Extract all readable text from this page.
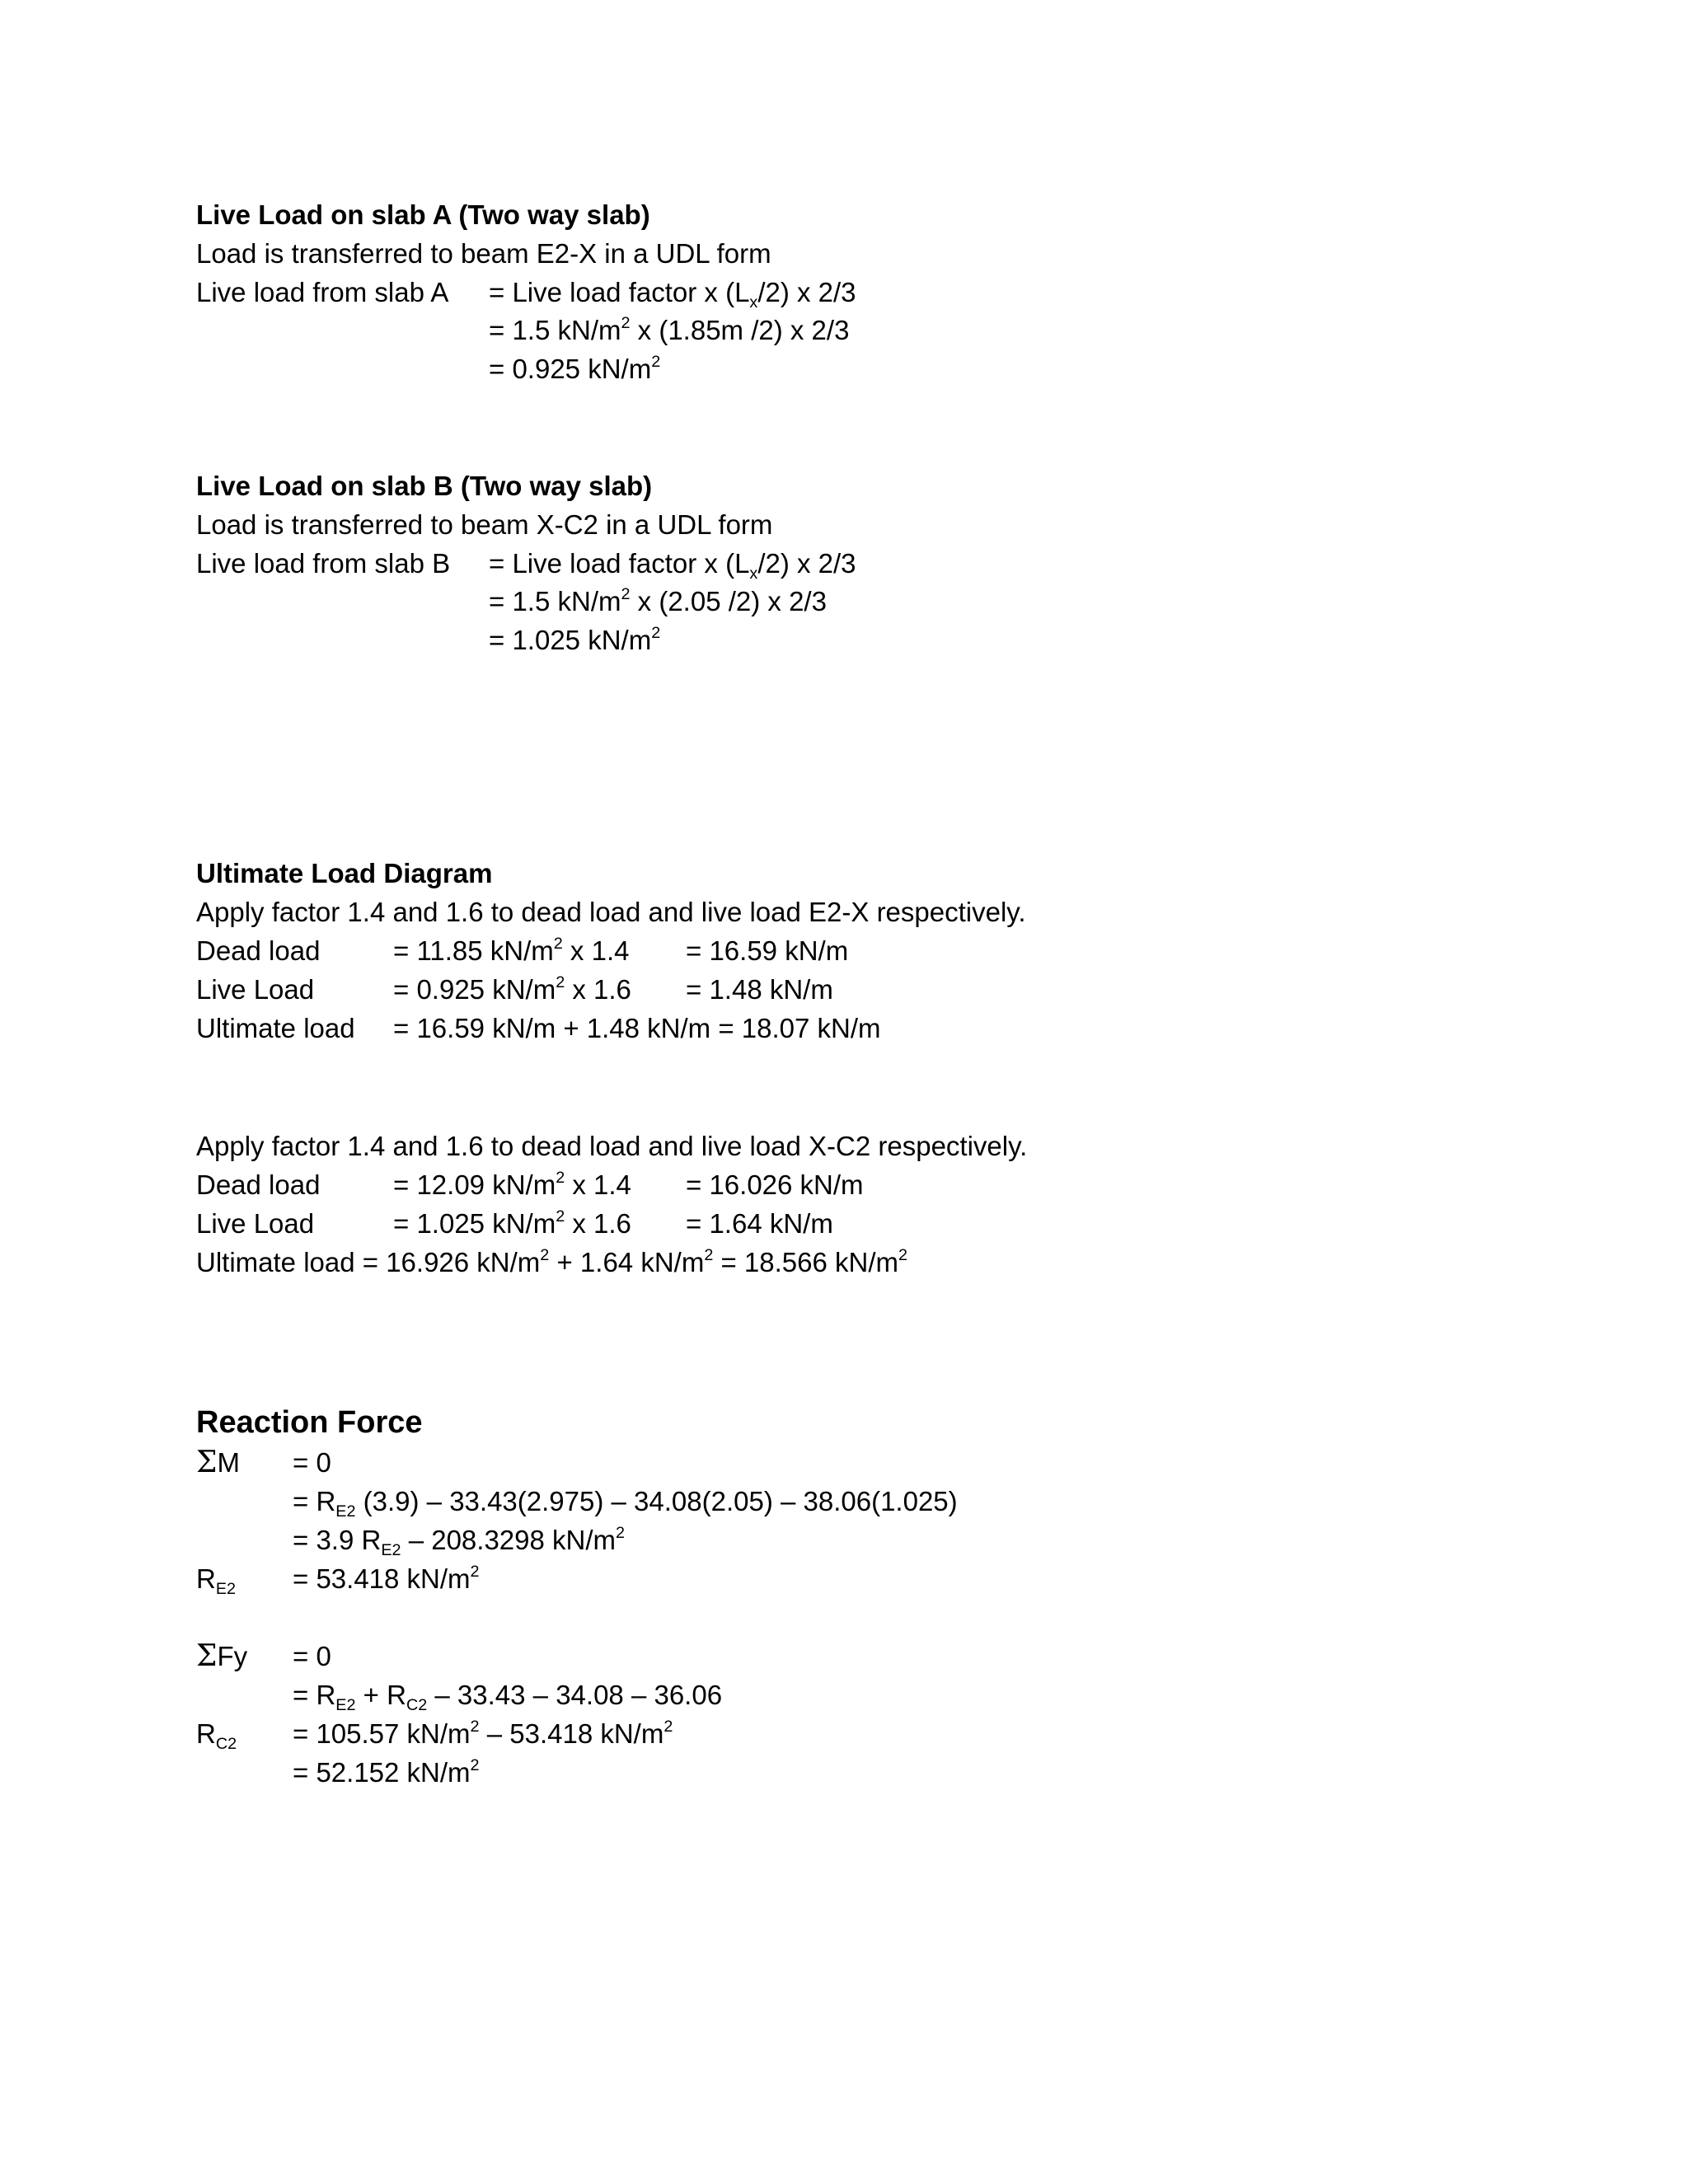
Live Load on slab A (Two way slab)
Load is transferred to beam E2-X in a UDL form
Live load from slab A = Live load factor x $(L_x/2)$ x 2/3
= 1.5 $kN/m^2$ x (1.85m /2) x 2/3
= 0.925 $kN/m^2$
Live Load on slab B (Two way slab)
Load is transferred to beam X-C2 in a UDL form
Live load from slab B = Live load factor x $(L_x/2)$ x 2/3
= 1.5 $kN/m^2$ x (2.05 /2) x 2/3
= 1.025 $kN/m^2$
Ultimate Load Diagram
Apply factor 1.4 and 1.6 to dead load and live load E2-X respectively.
Dead load	= 11.85 $kN/m^2$ x 1.4 = 16.59 kN/m
Live Load	= 0.925 $kN/m^2$ x 1.6 = 1.48 kN/m
Ultimate load = 16.59 kN/m + 1.48 kN/m = 18.07 kN/m
Apply factor 1.4 and 1.6 to dead load and live load X-C2 respectively.
Dead load	= 12.09 $kN/m^2$ x 1.4 = 16.026 kN/m
Live Load	= 1.025 $kN/m^2$ x 1.6 = 1.64 kN/m
Ultimate load = 16.926 $kN/m^2 + 1.64$ $kN/m^2 = 18.566$ $kN/m^2$
Reaction Force
ΣM = 0
= $R_{E2}$ (3.9) – 33.43(2.975) – 34.08(2.05) – 38.06(1.025)
= 3.9 $R_{E2} - 208.3298$ $kN/m^2$
$R_{E2} = 53.418$ $kN/m^2$
ΣFy = 0
= $R_{E2} + R_{C2} - 33.43 - 34.08 - 36.06$
$R_{C2} = 105.57$ $kN/m^2 - 53.418$ $kN/m^2$
= 52.152 $kN/m^2$
